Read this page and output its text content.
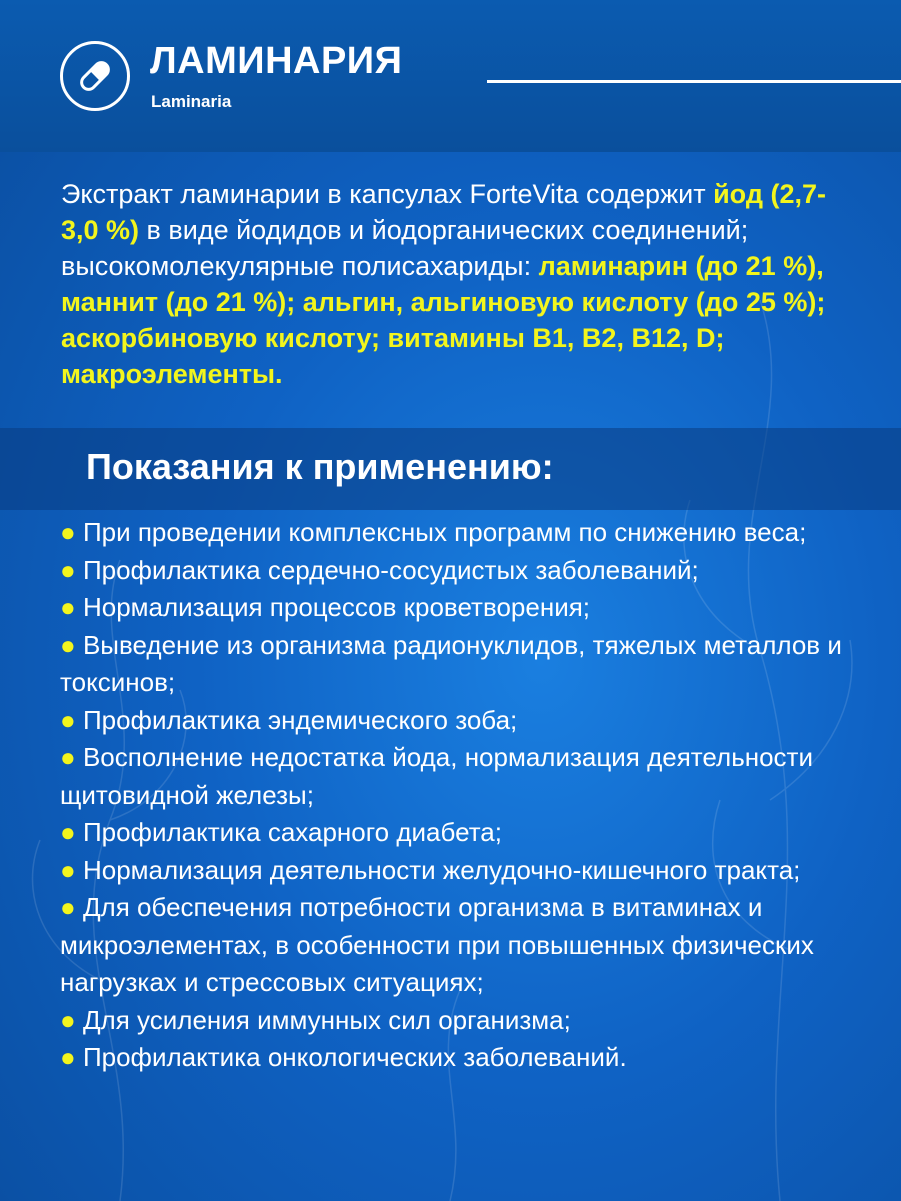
ЛАМИНАРИЯ
Laminaria

Экстракт ламинарии в капсулах ForteVita содержит йод (2,7-3,0 %) в виде йодидов и йодорганических соединений; высокомолекулярные полисахариды: ламинарин (до 21 %), маннит (до 21 %); альгин, альгиновую кислоту (до 25 %); аскорбиновую кислоту; витамины B1, B2, B12, D; макроэлементы.

Показания к применению:
● При проведении комплексных программ по снижению веса;
● Профилактика сердечно-сосудистых заболеваний;
● Нормализация процессов кроветворения;
● Выведение из организма радионуклидов, тяжелых металлов и токсинов;
● Профилактика эндемического зоба;
● Восполнение недостатка йода, нормализация деятельности щитовидной железы;
● Профилактика сахарного диабета;
● Нормализация деятельности желудочно-кишечного тракта;
● Для обеспечения потребности организма в витаминах и микроэлементах, в особенности при повышенных физических нагрузках и стрессовых ситуациях;
● Для усиления иммунных сил организма;
● Профилактика онкологических заболеваний.
